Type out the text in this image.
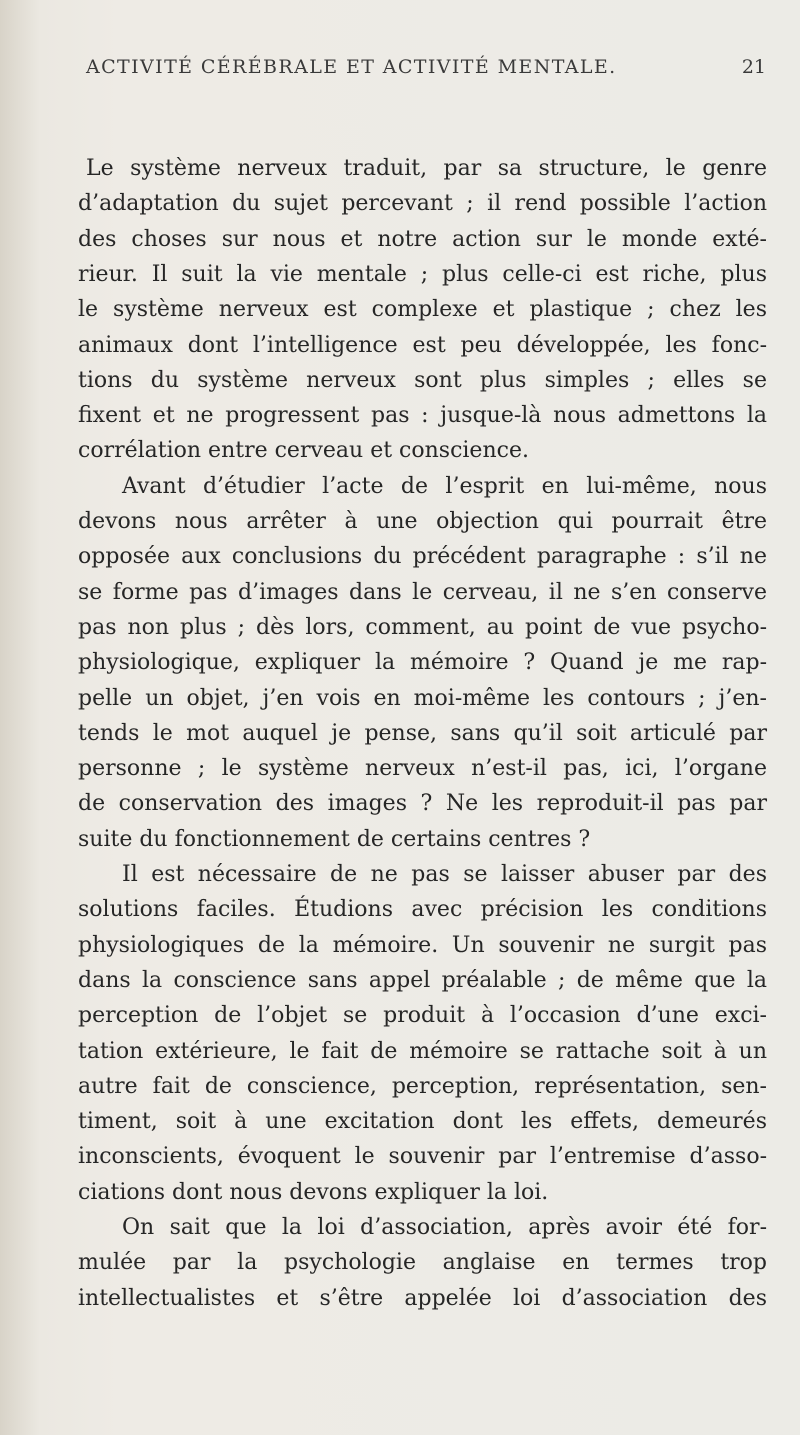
ACTIVITÉ CÉRÉBRALE ET ACTIVITÉ MENTALE.	21
Le système nerveux traduit, par sa structure, le genre
d’adaptation du sujet percevant ; il rend possible l’action
des choses sur nous et notre action sur le monde exté-
rieur. Il suit la vie mentale ; plus celle-ci est riche, plus
le système nerveux est complexe et plastique ; chez les
animaux dont l’intelligence est peu développée, les fonc-
tions du système nerveux sont plus simples ; elles se
fixent et ne progressent pas : jusque-là nous admettons la
corrélation entre cerveau et conscience.
Avant d’étudier l’acte de l’esprit en lui-même, nous
devons nous arrêter à une objection qui pourrait être
opposée aux conclusions du précédent paragraphe : s’il ne
se forme pas d’images dans le cerveau, il ne s’en conserve
pas non plus ; dès lors, comment, au point de vue psycho-
physiologique, expliquer la mémoire ? Quand je me rap-
pelle un objet, j’en vois en moi-même les contours ; j’en-
tends le mot auquel je pense, sans qu’il soit articulé par
personne ; le système nerveux n’est-il pas, ici, l’organe
de conservation des images ? Ne les reproduit-il pas par
suite du fonctionnement de certains centres ?
Il est nécessaire de ne pas se laisser abuser par des
solutions faciles. Étudions avec précision les conditions
physiologiques de la mémoire. Un souvenir ne surgit pas
dans la conscience sans appel préalable ; de même que la
perception de l’objet se produit à l’occasion d’une exci-
tation extérieure, le fait de mémoire se rattache soit à un
autre fait de conscience, perception, représentation, sen-
timent, soit à une excitation dont les effets, demeurés
inconscients, évoquent le souvenir par l’entremise d’asso-
ciations dont nous devons expliquer la loi.
On sait que la loi d’association, après avoir été for-
mulée par la psychologie anglaise en termes trop
intellectualistes et s’être appelée loi d’association des
